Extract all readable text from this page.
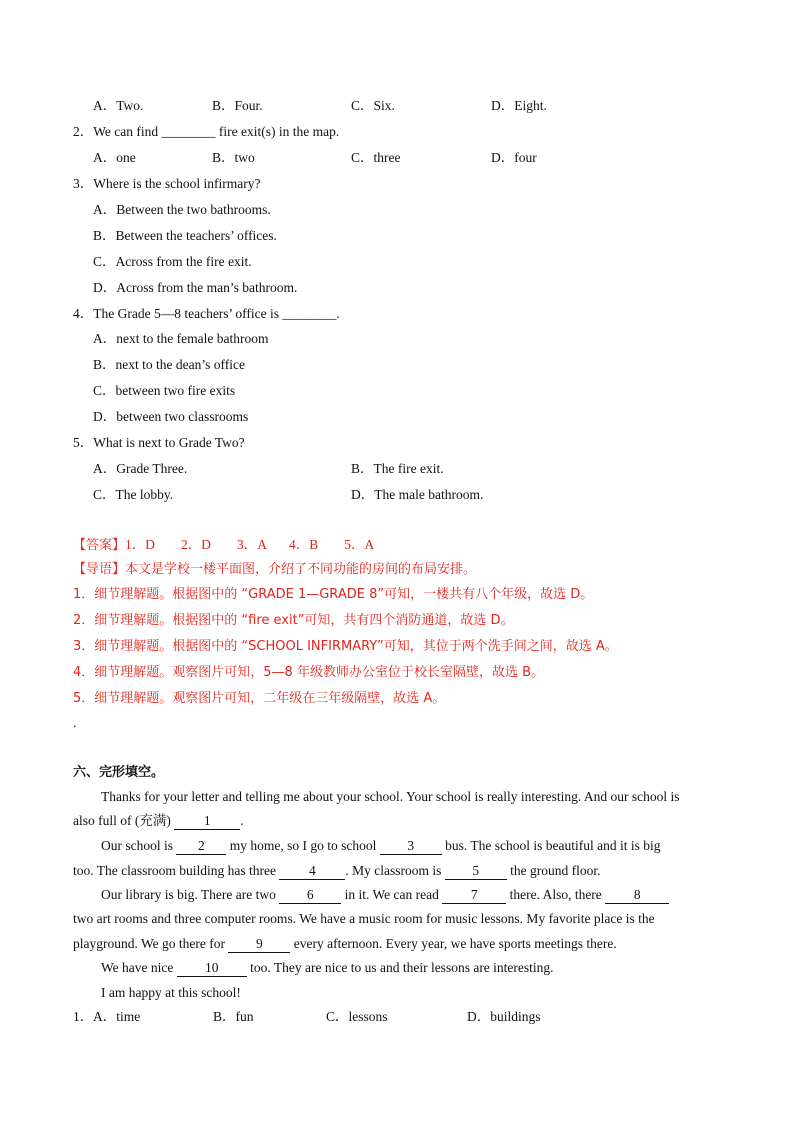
A．Two.	B．Four.	C．Six.	D．Eight.
2．We can find ________ fire exit(s) in the map.
A．one	B．two	C．three	D．four
3．Where is the school infirmary?
A．Between the two bathrooms.
B．Between the teachers’ offices.
C．Across from the fire exit.
D．Across from the man’s bathroom.
4．The Grade 5—8 teachers’ office is ________.
A．next to the female bathroom
B．next to the dean’s office
C．between two fire exits
D．between two classrooms
5．What is next to Grade Two?
A．Grade Three.	B．The fire exit.
C．The lobby.	D．The male bathroom.
【答案】1．D 2．D 3．A 4．B 5．A
【导语】本文是学校一楼平面图，介绍了不同功能的房间的布局安排。
1．细节理解题。根据图中的 “GRADE 1—GRADE 8”可知，一楼共有八个年级，故选 D。
2．细节理解题。根据图中的 “fire exit”可知，共有四个消防通道，故选 D。
3．细节理解题。根据图中的 “SCHOOL INFIRMARY”可知，其位于两个洗手间之间，故选 A。
4．细节理解题。观察图片可知，5—8 年级教师办公室位于校长室隔壁，故选 B。
5．细节理解题。观察图片可知，二年级在三年级隔壁，故选 A。
.
六、完形填空。
Thanks for your letter and telling me about your school. Your school is really interesting. And our school is
also full of (充满) 1 .
Our school is 2 my home, so I go to school 3 bus. The school is beautiful and it is big
too. The classroom building has three 4 . My classroom is 5 the ground floor.
Our library is big. There are two 6 in it. We can read 7 there. Also, there 8
two art rooms and three computer rooms. We have a music room for music lessons. My favorite place is the
playground. We go there for 9 every afternoon. Every year, we have sports meetings there.
We have nice 10 too. They are nice to us and their lessons are interesting.
I am happy at this school!
1． A．time	B．fun	C．lessons	D．buildings
